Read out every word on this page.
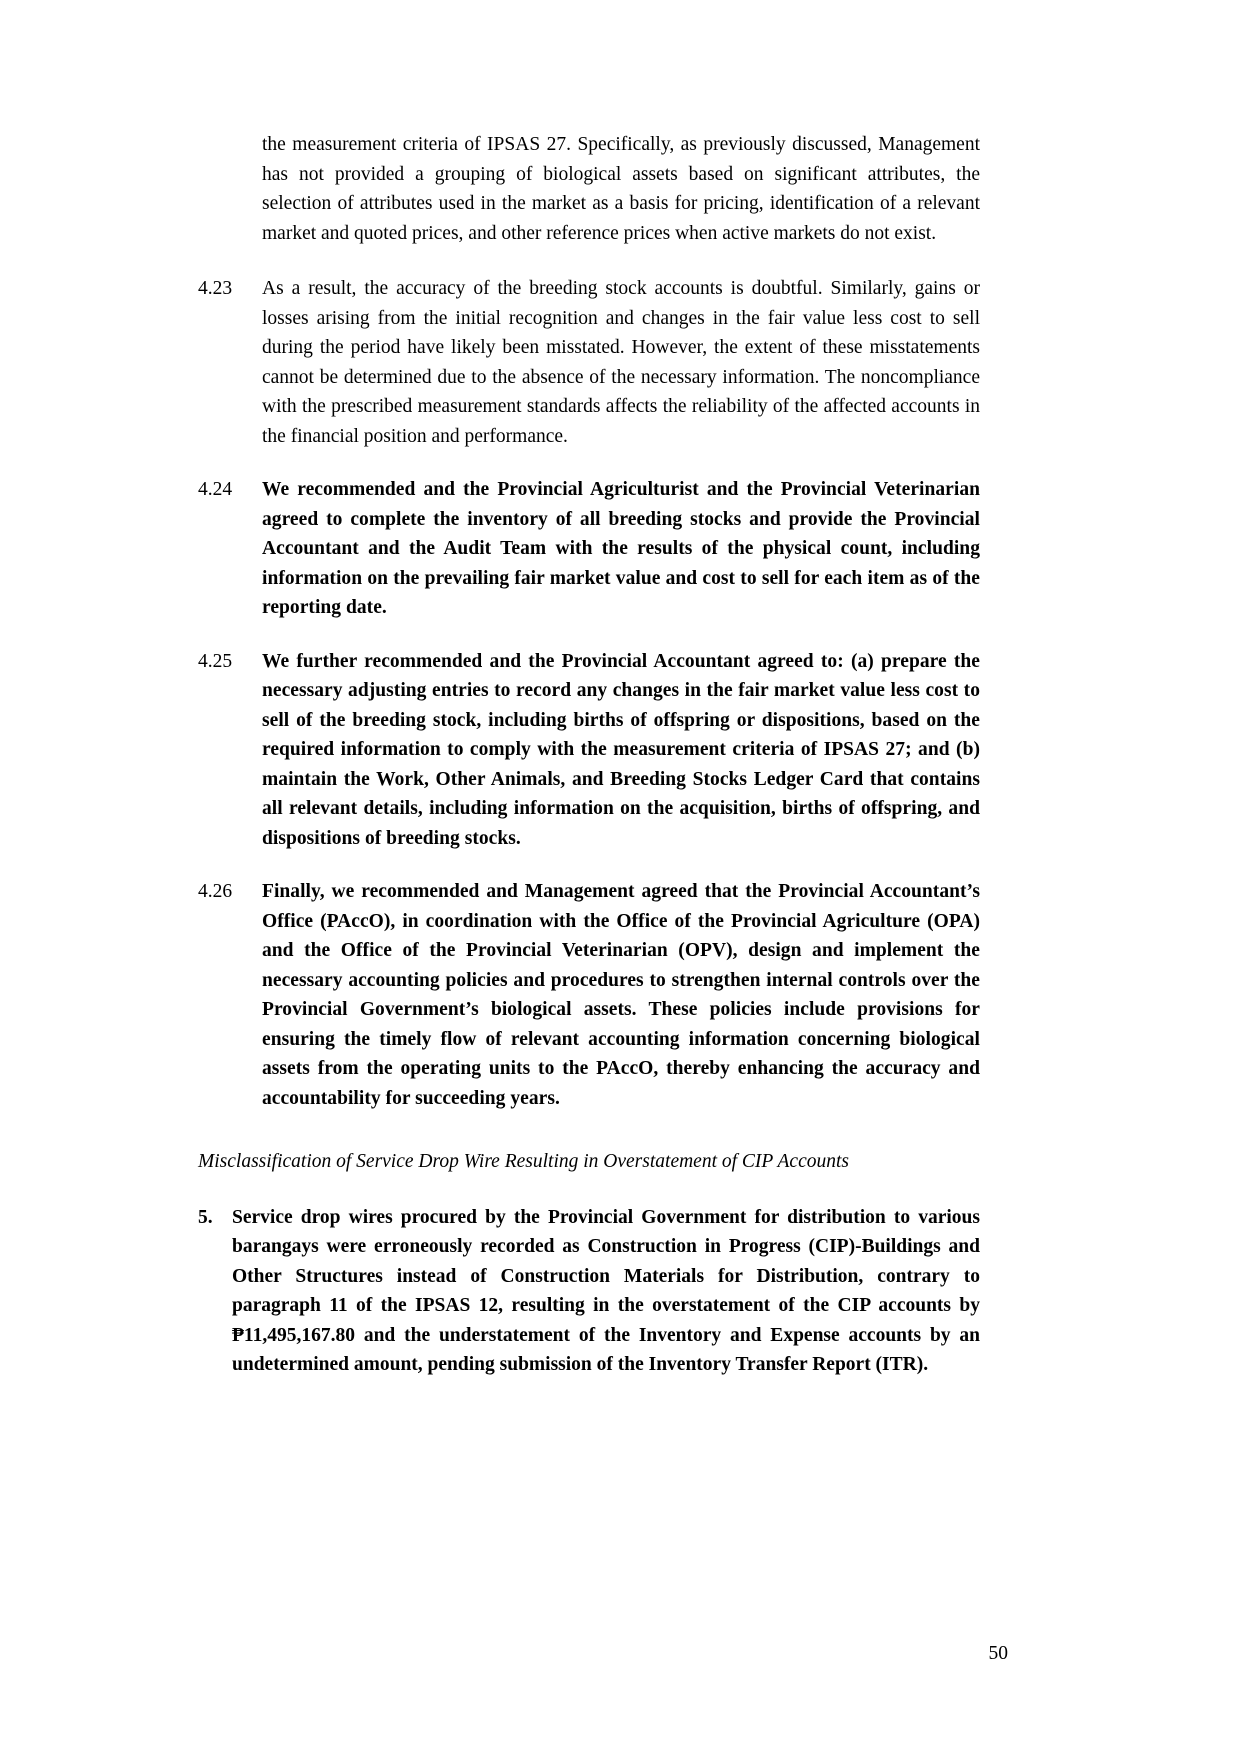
the measurement criteria of IPSAS 27. Specifically, as previously discussed, Management has not provided a grouping of biological assets based on significant attributes, the selection of attributes used in the market as a basis for pricing, identification of a relevant market and quoted prices, and other reference prices when active markets do not exist.
4.23	As a result, the accuracy of the breeding stock accounts is doubtful. Similarly, gains or losses arising from the initial recognition and changes in the fair value less cost to sell during the period have likely been misstated. However, the extent of these misstatements cannot be determined due to the absence of the necessary information. The noncompliance with the prescribed measurement standards affects the reliability of the affected accounts in the financial position and performance.
4.24	We recommended and the Provincial Agriculturist and the Provincial Veterinarian agreed to complete the inventory of all breeding stocks and provide the Provincial Accountant and the Audit Team with the results of the physical count, including information on the prevailing fair market value and cost to sell for each item as of the reporting date.
4.25	We further recommended and the Provincial Accountant agreed to: (a) prepare the necessary adjusting entries to record any changes in the fair market value less cost to sell of the breeding stock, including births of offspring or dispositions, based on the required information to comply with the measurement criteria of IPSAS 27; and (b) maintain the Work, Other Animals, and Breeding Stocks Ledger Card that contains all relevant details, including information on the acquisition, births of offspring, and dispositions of breeding stocks.
4.26	Finally, we recommended and Management agreed that the Provincial Accountant’s Office (PAccO), in coordination with the Office of the Provincial Agriculture (OPA) and the Office of the Provincial Veterinarian (OPV), design and implement the necessary accounting policies and procedures to strengthen internal controls over the Provincial Government’s biological assets. These policies include provisions for ensuring the timely flow of relevant accounting information concerning biological assets from the operating units to the PAccO, thereby enhancing the accuracy and accountability for succeeding years.
Misclassification of Service Drop Wire Resulting in Overstatement of CIP Accounts
5. Service drop wires procured by the Provincial Government for distribution to various barangays were erroneously recorded as Construction in Progress (CIP)-Buildings and Other Structures instead of Construction Materials for Distribution, contrary to paragraph 11 of the IPSAS 12, resulting in the overstatement of the CIP accounts by ₱11,495,167.80 and the understatement of the Inventory and Expense accounts by an undetermined amount, pending submission of the Inventory Transfer Report (ITR).
50
